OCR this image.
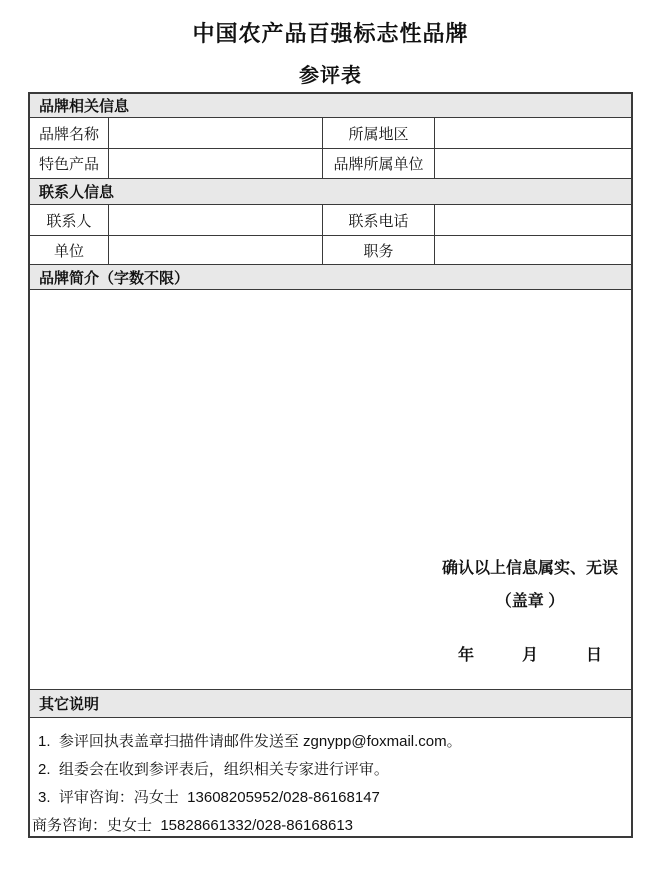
中国农产品百强标志性品牌
参评表
品牌相关信息
品牌名称	所属地区
特色产品	品牌所属单位
联系人信息
联系人	联系电话
单位	职务
品牌简介（字数不限）
确认以上信息属实、无误
（盖章 ）
年	月	日
其它说明
1.  参评回执表盖章扫描件请邮件发送至 zgnypp@foxmail.com。
2.  组委会在收到参评表后，组织相关专家进行评审。
3.  评审咨询：冯女士  13608205952/028-86168147
商务咨询：史女士  15828661332/028-86168613
